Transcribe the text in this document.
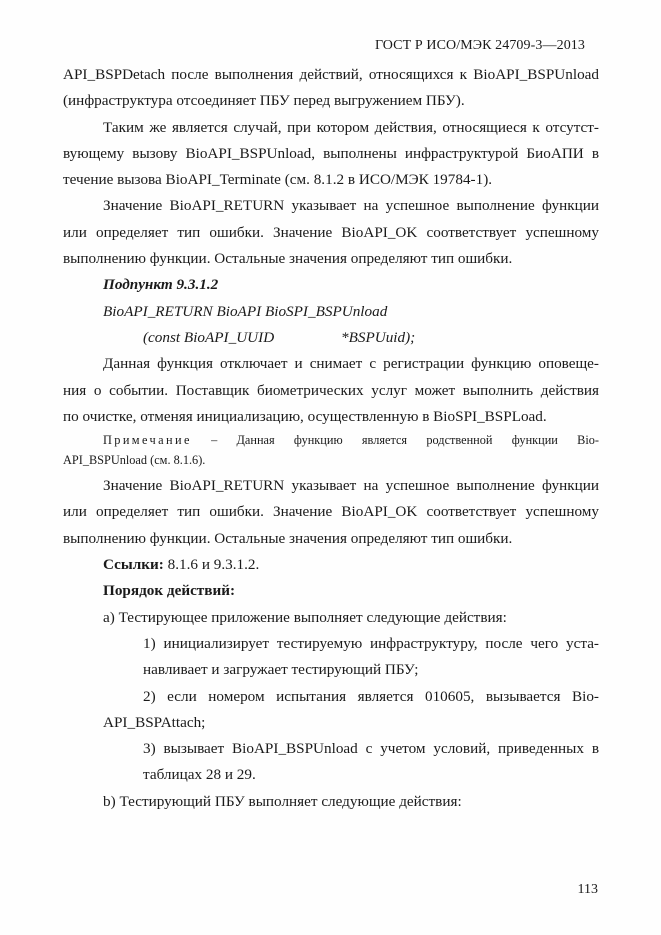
ГОСТ Р ИСО/МЭК 24709-3—2013

API_BSPDetach после выполнения действий, относящихся к BioAPI_BSPUnload
(инфраструктура отсоединяет ПБУ перед выгружением ПБУ).

Таким же является случай, при котором действия, относящиеся к отсутст-
вующему вызову BioAPI_BSPUnload, выполнены инфраструктурой БиоАПИ в
течение вызова BioAPI_Terminate (см. 8.1.2 в ИСО/МЭК 19784-1).

Значение BioAPI_RETURN указывает на успешное выполнение функции
или определяет тип ошибки. Значение BioAPI_OK соответствует успешному
выполнению функции. Остальные значения определяют тип ошибки.

Подпункт 9.3.1.2
BioAPI_RETURN BioAPI BioSPI_BSPUnload
(const BioAPI_UUID	*BSPUuid);

Данная функция отключает и снимает с регистрации функцию оповеще-
ния о событии. Поставщик биометрических услуг может выполнить действия
по очистке, отменяя инициализацию, осуществленную в BioSPI_BSPLoad.

Примечание – Данная функцию является родственной функции Bio-
API_BSPUnload (см. 8.1.6).

Значение BioAPI_RETURN указывает на успешное выполнение функции
или определяет тип ошибки. Значение BioAPI_OK соответствует успешному
выполнению функции. Остальные значения определяют тип ошибки.

Ссылки: 8.1.6 и 9.3.1.2.
Порядок действий:
а) Тестирующее приложение выполняет следующие действия:
1) инициализирует тестируемую инфраструктуру, после чего уста-
навливает и загружает тестирующий ПБУ;
2) если номером испытания является 010605, вызывается Bio-
API_BSPAttach;
3) вызывает BioAPI_BSPUnload с учетом условий, приведенных в
таблицах 28 и 29.
b) Тестирующий ПБУ выполняет следующие действия:
113
